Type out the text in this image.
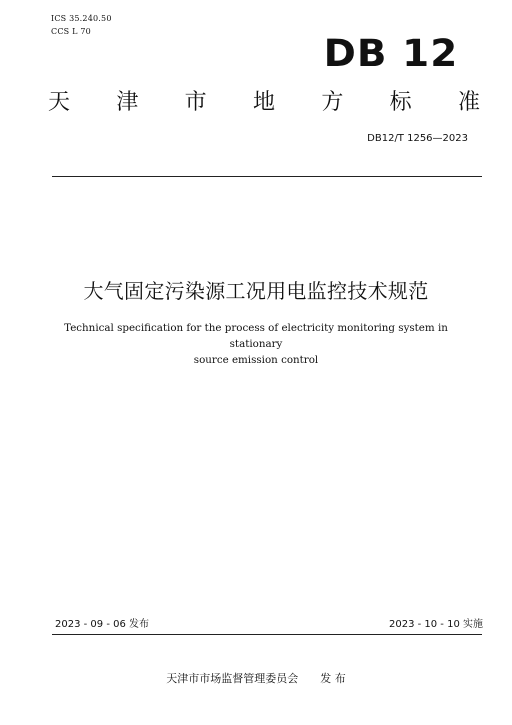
ICS 35.240.50
CCS L 70
DB 12
天 津 市 地 方 标 准
DB12/T 1256—2023
大气固定污染源工况用电监控技术规范
Technical specification for the process of electricity monitoring system in stationary
source emission control
2023 - 09 - 06 发布	2023 - 10 - 10 实施
天津市市场监督管理委员会 发 布
